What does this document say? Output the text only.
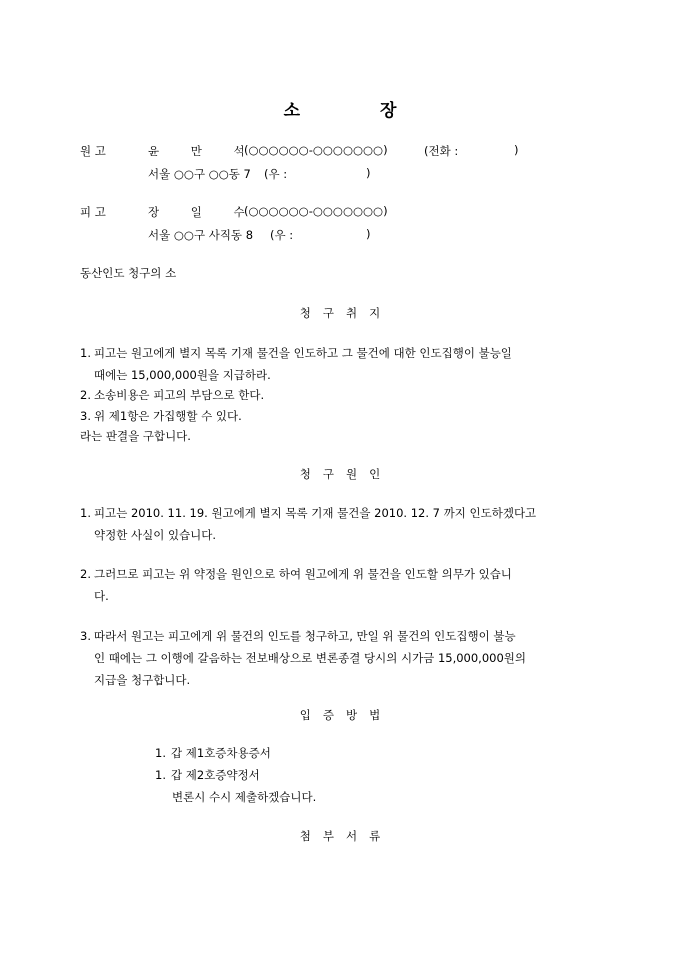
소	장
원 고	윤 만 석 (○○○○○○-○○○○○○○)	(전화 :	)
서울 ○○구 ○○동 7 (우 :	)
피 고	장 일 수 (○○○○○○-○○○○○○○)
서울 ○○구 사직동 8 (우 :	)
동산인도 청구의 소
청구취지
1. 피고는 원고에게 별지 목록 기재 물건을 인도하고 그 물건에 대한 인도집행이 불능일
때에는 15,000,000원을 지급하라.
2. 소송비용은 피고의 부담으로 한다.
3. 위 제1항은 가집행할 수 있다.
라는 판결을 구합니다.
청구원인
1. 피고는 2010. 11. 19. 원고에게 별지 목록 기재 물건을 2010. 12. 7 까지 인도하겠다고
약정한 사실이 있습니다.
2. 그러므로 피고는 위 약정을 원인으로 하여 원고에게 위 물건을 인도할 의무가 있습니
다.
3. 따라서 원고는 피고에게 위 물건의 인도를 청구하고, 만일 위 물건의 인도집행이 불능
인 때에는 그 이행에 갈음하는 전보배상으로 변론종결 당시의 시가금 15,000,000원의
지급을 청구합니다.
입증방법
1. 갑 제1호증차용증서
1. 갑 제2호증약정서
변론시 수시 제출하겠습니다.
첨부서류
